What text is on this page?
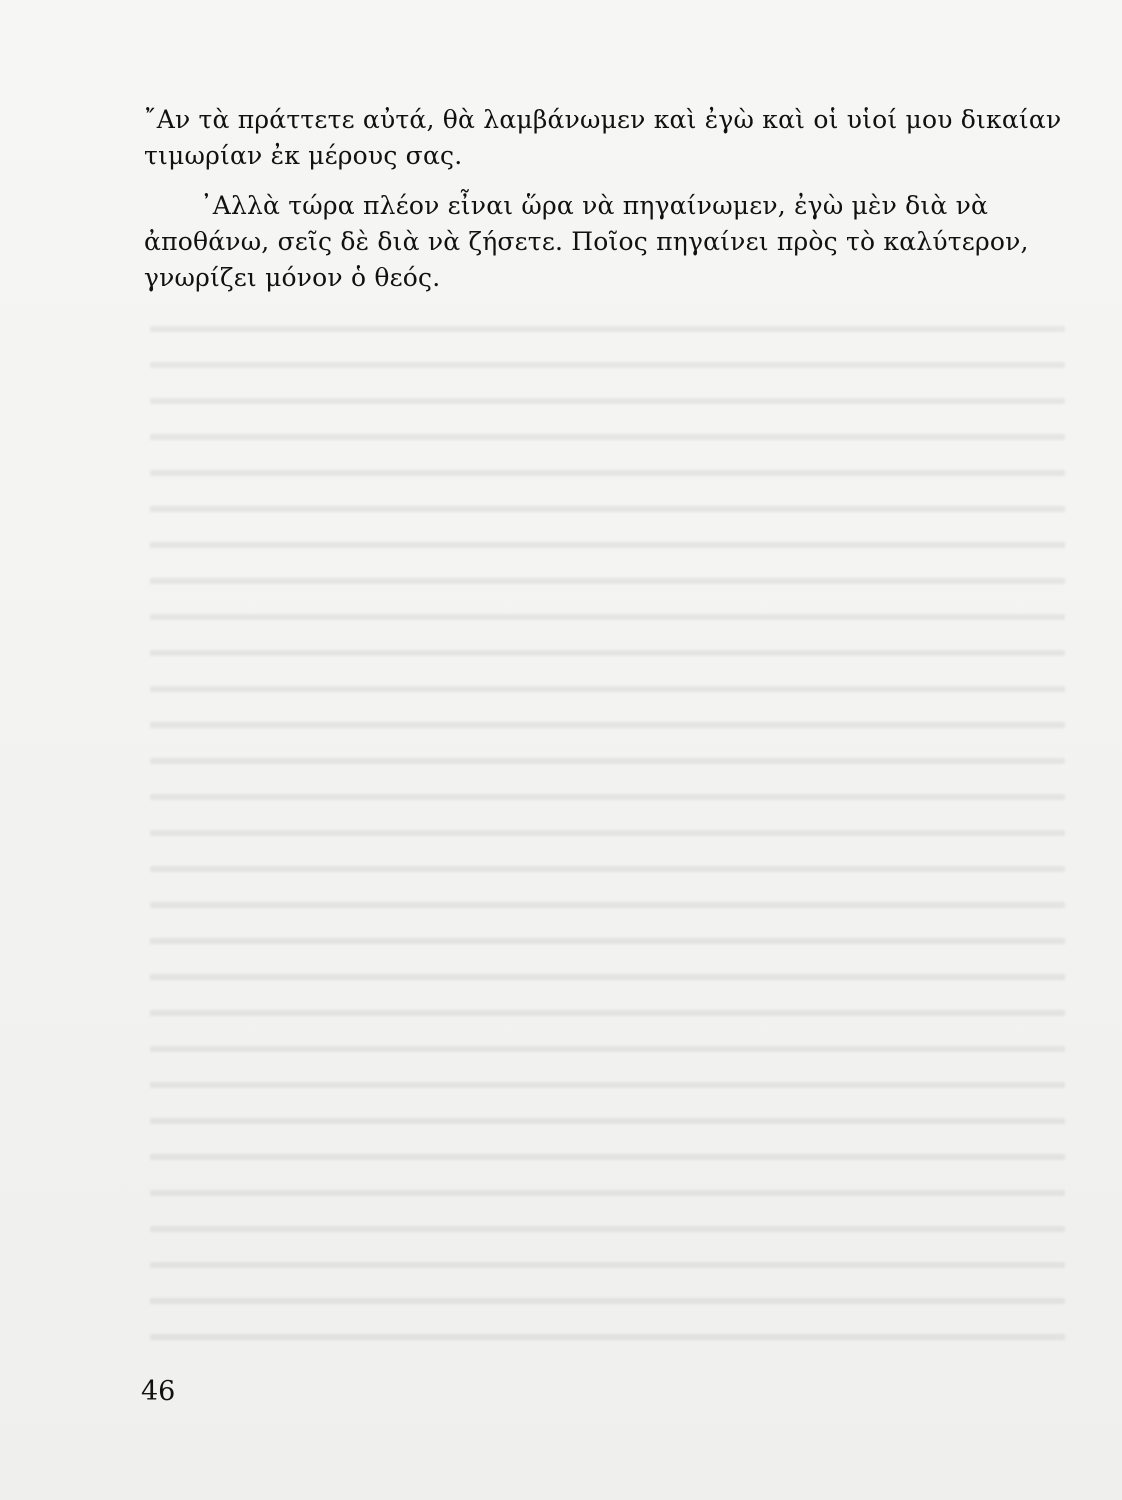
῎Αν τὰ πράττετε αὐτά, θὰ λαμβάνωμεν καὶ ἐγὼ καὶ οἱ υἱοί μου δικαίαν τιμωρίαν ἐκ μέρους σας.

᾿Αλλὰ τώρα πλέον εἶναι ὥρα νὰ πηγαίνωμεν, ἐγὼ μὲν διὰ νὰ ἀποθάνω, σεῖς δὲ διὰ νὰ ζήσετε. Ποῖος πηγαίνει πρὸς τὸ καλύτερον, γνωρίζει μόνον ὁ θεός.

46
